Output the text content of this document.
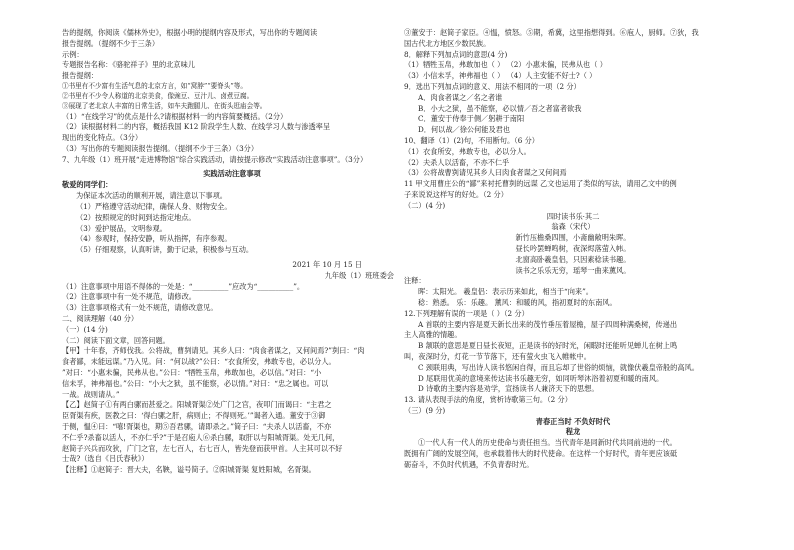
告的提纲，你阅读《儒林外史》，根据小明的提纲内容及形式，写出你的专题阅读
报告提纲。（提纲不少于三条）
示例：
专题报告名称：《骆驼祥子》里的北京味儿
报告提纲：
①书里有不少富有生活气息的北京方言，如“窝脖”“要脊头”等。
②书里有不少令人称道的北京美食，像豌豆、豆汁儿、卤煮豆腐。
③展现了老北京人丰富的日常生活，如车夫跑腿儿、在街头逛庙会等。
（1）“在线学习”的优点是什么?请根据材料一的内容简要概括。（2分）
（2）读根据材料二的内容，概括我国 K12 阶段学生人数、在线学习人数与渗透率呈
现出的变化特点。（3分）
（3）写出你的专题阅读报告提纲。（提纲不少于三条）（3分）
7、九年级（1）班开展“走进博物馆”综合实践活动，请按提示修改“实践活动注意事项”。（3分）
实践活动注意事项
敬爱的同学们：
为保证本次活动的顺利开展，请注意以下事项。
（1）严格遵守活动纪律，确保人身、财物安全。
（2）按照规定的时间到达指定地点。
（3）爱护展品，文明参观。
（4）参观时，保持安静，听从指挥，有序参观。
（5）仔细观察，认真听讲，勤于记录，积极参与互动。
2021 年 10 月 15 日
九年级（1）班班委会
（1）注意事项中用语不得体的一处是：“__________”应改为“__________”。
（2）注意事项中有一处不规范，请修改。
（3）注意事项格式有一处不规范，请修改意见。
二、阅读理解（40 分）
（一）(14 分)
（二）阅读下面文章，回答问题。
【甲】十年春，齐师伐我。公将战，曹刿请见。其乡人曰：“肉食者谋之，又何间焉?”刿曰：“肉
食者鄙，未能远谋。”乃入见。问：“何以战?”公曰：“衣食所安，弗敢专也，必以分人。
”对曰：“小惠未徧，民弗从也。”公曰：“牺牲玉帛，弗敢加也，必以信。”对曰：“小
信未孚，神弗福也。”公曰：“小大之狱，虽不能察，必以情。”对曰：“忠之属也。可以
一战。战则请从。”
【乙】赵简子①有两白骡而甚爱之。阳城胥渠②处广门之官，夜叩门而谒曰：“主君之
臣胥渠有疾，医教之曰：‘得白骡之肝，病则止；不得则死。’”谒者入通。董安于③御
于侧，愠④曰：“嘻!胥渠也，期⑤吾君骡，请即杀之。”简子曰：“夫杀人以活畜，不亦
不仁乎?杀畜以活人，不亦仁乎?”于是召庖人⑥杀白骡，取肝以与阳城胥渠。处无几何，
赵简子兴兵而攻狄，广门之官，左七百人，右七百人，皆先登而获甲首。人主其可以不好
士哉?（选自《吕氏春秋》）
【注释】①赵简子：晋大夫，名鞅，谥号简子。②阳城胥渠 复姓阳城，名胥渠。
③董安于：赵简子家臣。④愠，愤怒。⑤期，希冀，这里指想得到。⑥庖人，厨师。⑦狄，我
国古代北方地区少数民族。
8．解释下列加点词的意思(4 分)
（1）牺牲玉帛，弗敢加也（ ） （2）小惠未徧，民弗从也（ ）
（3）小信未孚，神弗福也（ ） （4）人主安能不好士?（ ）
9．选出下列加点词的意义、用法不相同的一项（2 分）
A．肉食者谋之／名之者谁
B．小大之狱，虽不能察，必以情／吾之者富者欲我
C．董安于侍奉于侧／躬耕于南阳
D．何以战／徐公何能及君也
10、翻译（1）(2)句，不用断句。（6 分）
（1）衣食所安，弗敢专也，必以分人。
（2）夫杀人以活畜，不亦不仁乎
（3）公将战曹刿请见其乡人曰肉食者谋之又何间焉
11 甲文用曹庄公的“鄙”来衬托曹刿的远谋 乙文也运用了类似的写法，请用乙文中的例
子来说说这样写的好处。（2 分）
（二）(4 分)
四时读书乐·其二
翁森（宋代）
新竹压檐桑四围，小斋幽敞明朱晖。
昼长吟罢蝉鸣树，夜深烬落萤入帏。
北窗高卧羲皇侣，只因素稔读书趣。
读书之乐乐无穷，瑶琴一曲来薰风。
注释：
晖：太阳光。 羲皇侣：表示历来如此，相当于“向来”。
稔：熟悉。 乐：乐趣。 薰风：和暖的风，指初夏时的东南风。
12.下列理解有误的一项是（ ）（2 分）
A 首联的主要内容是夏天新长出来的茂竹垂压着屋檐，屋子四周种满桑树，传递出
主人高雅的情趣。
B 颔联的意思是夏日昼长夜短，正是读书的好时光，闲暇时还能听见蝉儿在树上鸣
叫，夜深时分，灯花一节节落下，还有萤火虫飞入帷帐中。
C 颈联用典，写出诗人读书悠闲自得，而且忘却了世俗的烦恼，就像伏羲皇帝般的高风。
D 尾联用优美的意境来传达读书乐趣无穷，如同听琴沐浴着初夏和暖的南风。
D 诗歌的主要内容是劝学，宣扬读书人兼济天下的思想。
13. 请从表现手法的角度，赏析诗歌第三句。（2 分）
（三）(9 分)
青春正当时 不负好时代
程龙
①一代人有一代人的历史使命与责任担当。当代青年是同新时代共同前进的一代。
既拥有广阔的发展空间，也承载着伟大的时代使命。在这样一个好时代，青年更应该砥
砺奋斗，不负时代机遇，不负青春时光。
